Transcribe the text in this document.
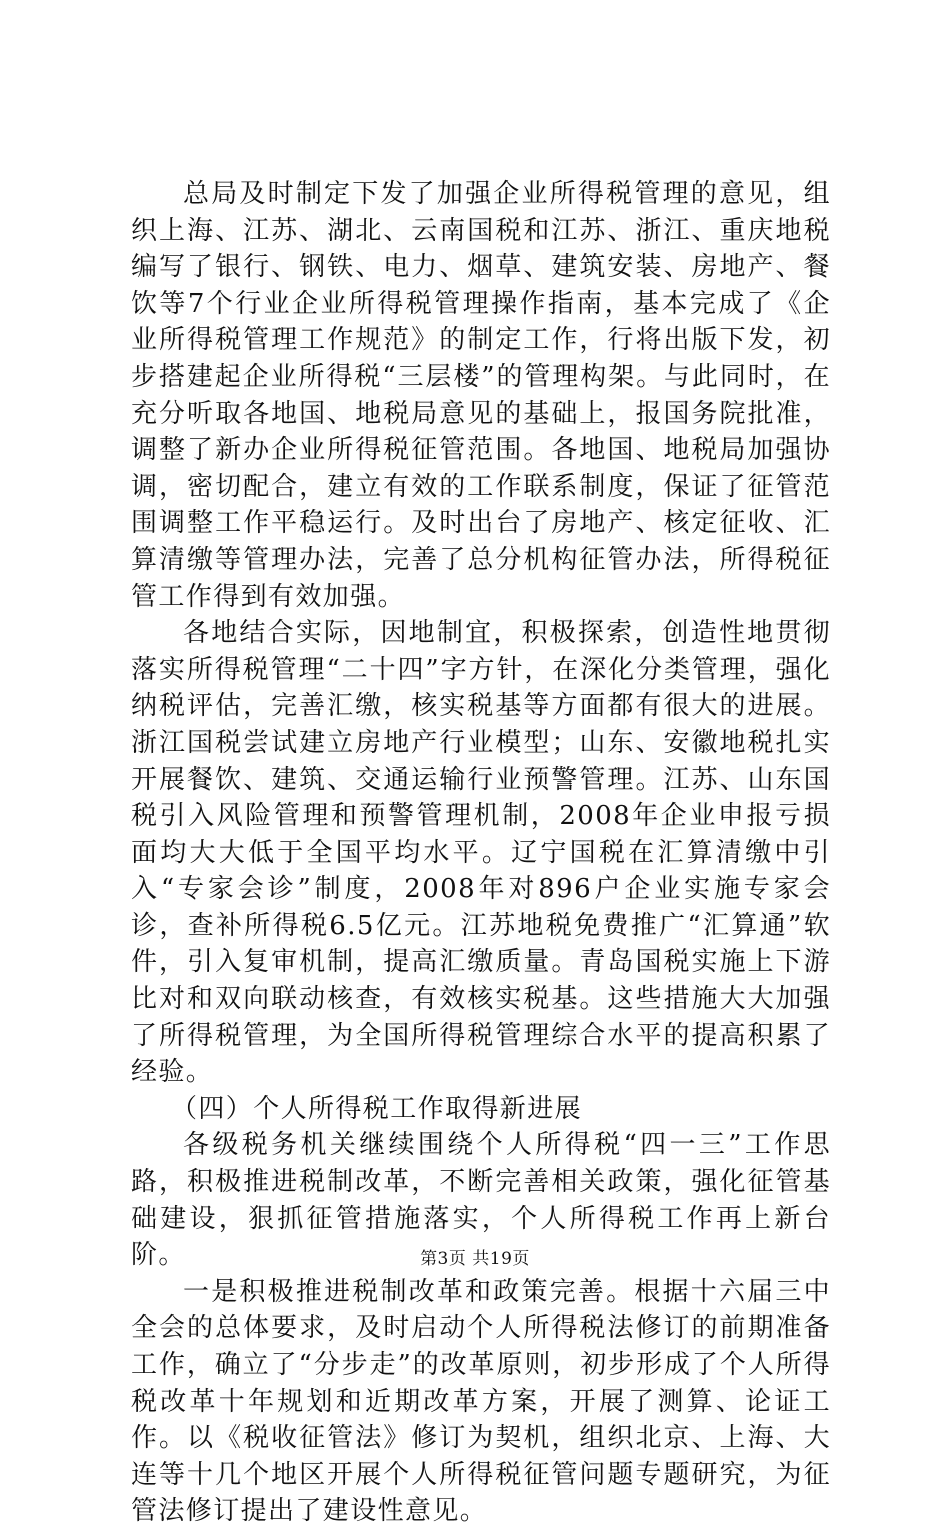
总局及时制定下发了加强企业所得税管理的意见，组织上海、江苏、湖北、云南国税和江苏、浙江、重庆地税编写了银行、钢铁、电力、烟草、建筑安装、房地产、餐饮等7个行业企业所得税管理操作指南，基本完成了《企业所得税管理工作规范》的制定工作，行将出版下发，初步搭建起企业所得税“三层楼”的管理构架。与此同时，在充分听取各地国、地税局意见的基础上，报国务院批准，调整了新办企业所得税征管范围。各地国、地税局加强协调，密切配合，建立有效的工作联系制度，保证了征管范围调整工作平稳运行。及时出台了房地产、核定征收、汇算清缴等管理办法，完善了总分机构征管办法，所得税征管工作得到有效加强。

各地结合实际，因地制宜，积极探索，创造性地贯彻落实所得税管理“二十四”字方针，在深化分类管理，强化纳税评估，完善汇缴，核实税基等方面都有很大的进展。浙江国税尝试建立房地产行业模型；山东、安徽地税扎实开展餐饮、建筑、交通运输行业预警管理。江苏、山东国税引入风险管理和预警管理机制，2008年企业申报亏损面均大大低于全国平均水平。辽宁国税在汇算清缴中引入“专家会诊”制度，2008年对896户企业实施专家会诊，查补所得税6.5亿元。江苏地税免费推广“汇算通”软件，引入复审机制，提高汇缴质量。青岛国税实施上下游比对和双向联动核查，有效核实税基。这些措施大大加强了所得税管理，为全国所得税管理综合水平的提高积累了经验。

（四）个人所得税工作取得新进展

各级税务机关继续围绕个人所得税“四一三”工作思路，积极推进税制改革，不断完善相关政策，强化征管基础建设，狠抓征管措施落实，个人所得税工作再上新台阶。

一是积极推进税制改革和政策完善。根据十六届三中全会的总体要求，及时启动个人所得税法修订的前期准备工作，确立了“分步走”的改革原则，初步形成了个人所得税改革十年规划和近期改革方案，开展了测算、论证工作。以《税收征管法》修订为契机，组织北京、上海、大连等十几个地区开展个人所得税征管问题专题研究，为征管法修订提出了建设性意见。

第3页 共19页
